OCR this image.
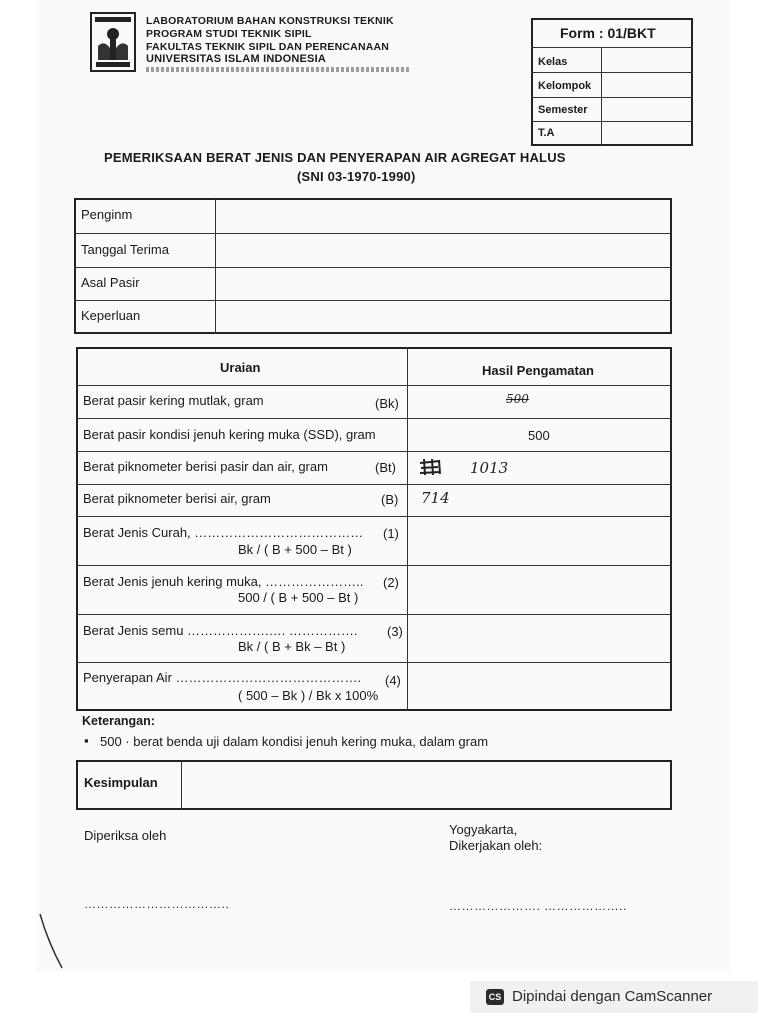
LABORATORIUM BAHAN KONSTRUKSI TEKNIK
PROGRAM STUDI TEKNIK SIPIL
FAKULTAS TEKNIK SIPIL DAN PERENCANAAN
UNIVERSITAS ISLAM INDONESIA
Form : 01/BKT
Kelas
Kelompok
Semester
T.A
PEMERIKSAAN BERAT JENIS DAN PENYERAPAN AIR AGREGAT HALUS
(SNI 03-1970-1990)
Penginm
Tanggal Terima
Asal Pasir
Keperluan
Uraian	Hasil Pengamatan
Berat pasir kering mutlak, gram	(Bk)	500
Berat pasir kondisi jenuh kering muka (SSD), gram	500
Berat piknometer berisi pasir dan air, gram	(Bt)	1013
Berat piknometer berisi air, gram	(B) 714
Berat Jenis Curah, ………………………………… (1)
Bk / ( B + 500 – Bt )
Berat Jenis jenuh kering muka, ………………….. (2)
500 / ( B + 500 – Bt )
Berat Jenis semu ……………….…. ……………. (3)
Bk / ( B + Bk – Bt )
Penyerapan Air ……………………………………. (4)
( 500 – Bk ) / Bk x 100%
Keterangan:
▪ 500 · berat benda uji dalam kondisi jenuh kering muka, dalam gram
Kesimpulan
Diperiksa oleh	Yogyakarta,
Dikerjakan oleh:
……………………………..	…………………. ………………..
CS Dipindai dengan CamScanner
